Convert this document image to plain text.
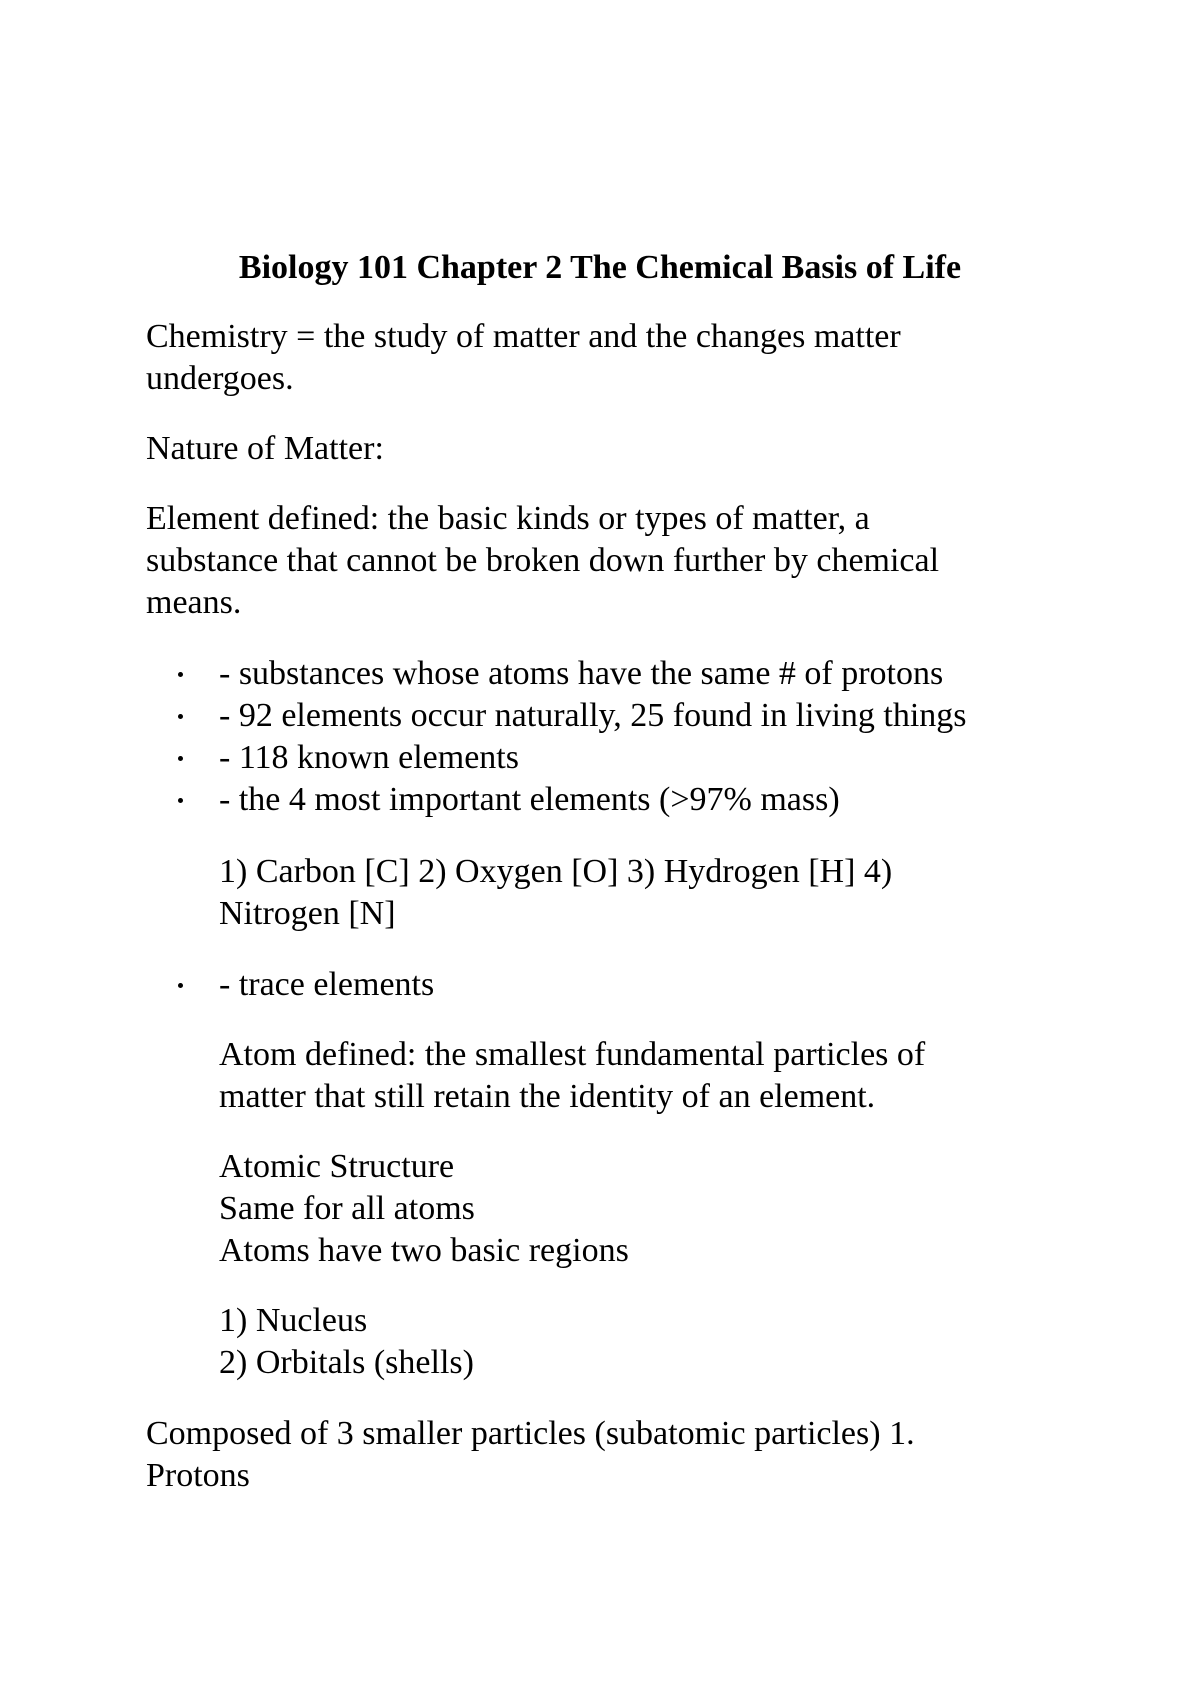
Biology 101 Chapter 2 The Chemical Basis of Life

Chemistry = the study of matter and the changes matter
undergoes.

Nature of Matter:

Element defined: the basic kinds or types of matter, a
substance that cannot be broken down further by chemical
means.

- substances whose atoms have the same # of protons
- 92 elements occur naturally, 25 found in living things
- 118 known elements
- the 4 most important elements (>97% mass)

1) Carbon [C] 2) Oxygen [O] 3) Hydrogen [H] 4)
Nitrogen [N]

- trace elements

Atom defined: the smallest fundamental particles of
matter that still retain the identity of an element.

Atomic Structure
Same for all atoms
Atoms have two basic regions

1) Nucleus
2) Orbitals (shells)

Composed of 3 smaller particles (subatomic particles) 1.
Protons
